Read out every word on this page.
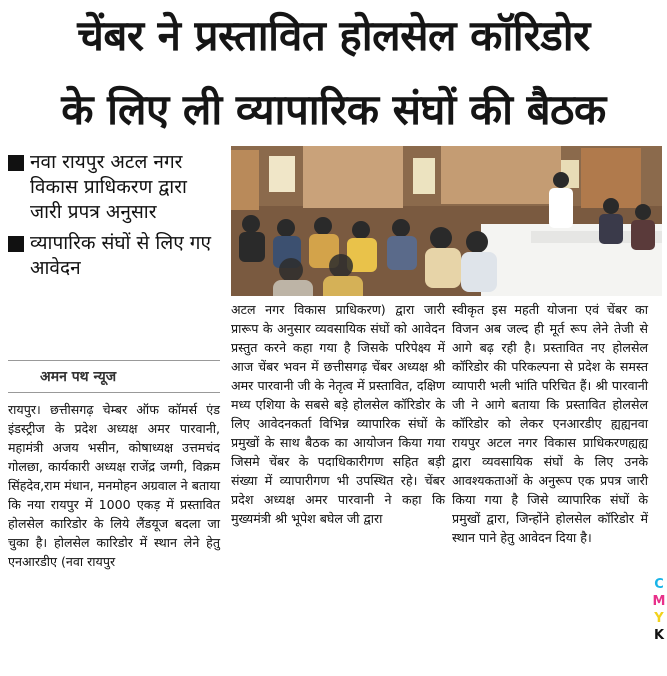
चेंबर ने प्रस्तावित होलसेल कॉरिडोर
के लिए ली व्यापारिक संघों की बैठक
नवा रायपुर अटल नगर विकास प्राधिकरण द्वारा जारी प्रपत्र अनुसार
व्यापारिक संघों से लिए गए आवेदन
अमन पथ न्यूज
रायपुर। छत्तीसगढ़ चेम्बर ऑफ कॉमर्स एंड इंडस्ट्रीज के प्रदेश अध्यक्ष अमर पारवानी, महामंत्री अजय भसीन, कोषाध्यक्ष उत्तमचंद गोलछा, कार्यकारी अध्यक्ष राजेंद्र जग्गी, विक्रम सिंहदेव,राम मंधान, मनमोहन अग्रवाल ने बताया कि नया रायपुर में 1000 एकड़ में प्रस्तावित होलसेल कारिडोर के लिये लैंडयूज बदला जा चुका है। होलसेल कारिडोर में स्थान लेने हेतु एनआरडीए (नवा रायपुर
अटल नगर विकास प्राधिकरण) द्वारा जारी प्रारूप के अनुसार व्यवसायिक संघों को आवेदन प्रस्तुत करने कहा गया है जिसके परिपेक्ष्य में आज चेंबर भवन में छत्तीसगढ़ चेंबर अध्यक्ष श्री अमर पारवानी जी के नेतृत्व में प्रस्तावित, दक्षिण मध्य एशिया के सबसे बड़े होलसेल कॉरिडोर के लिए आवेदनकर्ता विभिन्न व्यापारिक संघों के प्रमुखों के साथ बैठक का आयोजन किया गया जिसमे चेंबर के पदाधिकारीगण सहित बड़ी संख्या में व्यापारीगण भी उपस्थित रहे। चेंबर प्रदेश अध्यक्ष अमर पारवानी ने कहा कि मुख्यमंत्री श्री भूपेश बघेल जी द्वारा
स्वीकृत इस महती योजना एवं चेंबर का विजन अब जल्द ही मूर्त रूप लेने तेजी से आगे बढ़ रही है। प्रस्तावित नए होलसेल कॉरिडोर की परिकल्पना से प्रदेश के समस्त व्यापारी भली भांति परिचित हैं। श्री पारवानी जी ने आगे बताया कि प्रस्तावित होलसेल कॉरिडोर को लेकर एनआरडीए ह्यह्यनवा रायपुर अटल नगर विकास प्राधिकरणह्यह्य द्वारा व्यवसायिक संघों के लिए उनके आवश्यकताओं के अनुरूप एक प्रपत्र जारी किया गया है जिसे व्यापारिक संघों के प्रमुखों द्वारा, जिन्होंने होलसेल कॉरिडोर में स्थान पाने हेतु आवेदन दिया है।
C
M
Y
K
